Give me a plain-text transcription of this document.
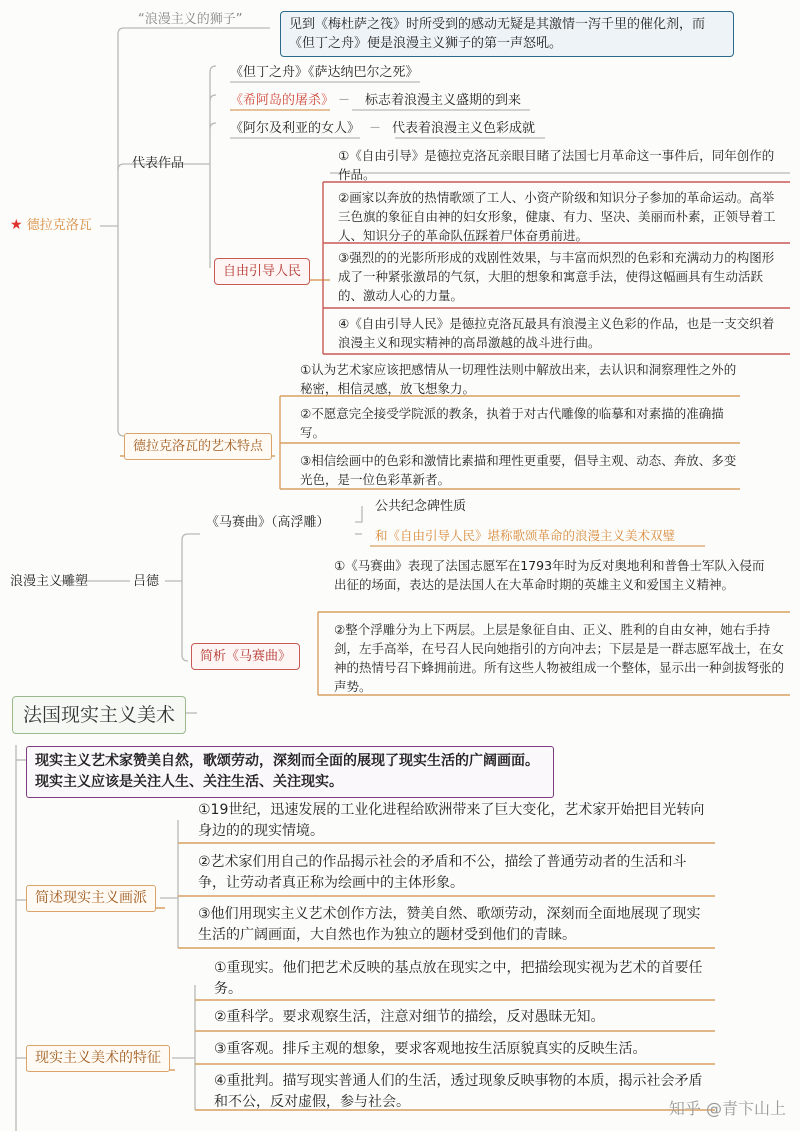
“浪漫主义的狮子”	见到《梅杜萨之筏》时所受到的感动无疑是其激情一泻千里的催化剂，而《但丁之舟》便是浪漫主义狮子的第一声怒吼。
★ 德拉克洛瓦
代表作品
《但丁之舟》《萨达纳巴尔之死》
《希阿岛的屠杀》 — 标志着浪漫主义盛期的到来
《阿尔及利亚的女人》 — 代表着浪漫主义色彩成就
自由引导人民
①《自由引导》是德拉克洛瓦亲眼目睹了法国七月革命这一事件后，同年创作的作品。
②画家以奔放的热情歌颂了工人、小资产阶级和知识分子参加的革命运动。高举三色旗的象征自由神的妇女形象，健康、有力、坚决、美丽而朴素，正领导着工人、知识分子的革命队伍踩着尸体奋勇前进。
③强烈的的光影所形成的戏剧性效果，与丰富而炽烈的色彩和充满动力的构图形成了一种紧张激昂的气氛，大胆的想象和寓意手法，使得这幅画具有生动活跃的、激动人心的力量。
④《自由引导人民》是德拉克洛瓦最具有浪漫主义色彩的作品，也是一支交织着浪漫主义和现实精神的高昂激越的战斗进行曲。
德拉克洛瓦的艺术特点
①认为艺术家应该把感情从一切理性法则中解放出来，去认识和洞察理性之外的秘密，相信灵感，放飞想象力。
②不愿意完全接受学院派的教条，执着于对古代雕像的临摹和对素描的准确描写。
③相信绘画中的色彩和激情比素描和理性更重要，倡导主观、动态、奔放、多变光色，是一位色彩革新者。
浪漫主义雕塑	吕德
《马赛曲》（高浮雕）
公共纪念碑性质
和《自由引导人民》堪称歌颂革命的浪漫主义美术双璧
简析《马赛曲》
①《马赛曲》表现了法国志愿军在1793年时为反对奥地利和普鲁士军队入侵而出征的场面，表达的是法国人在大革命时期的英雄主义和爱国主义精神。
②整个浮雕分为上下两层。上层是象征自由、正义、胜利的自由女神，她右手持剑，左手高举，在号召人民向她指引的方向冲去；下层是是一群志愿军战士，在女神的热情号召下蜂拥前进。所有这些人物被组成一个整体，显示出一种剑拔弩张的声势。
法国现实主义美术
现实主义艺术家赞美自然，歌颂劳动，深刻而全面的展现了现实生活的广阔画面。现实主义应该是关注人生、关注生活、关注现实。
简述现实主义画派
①19世纪，迅速发展的工业化进程给欧洲带来了巨大变化，艺术家开始把目光转向身边的的现实情境。
②艺术家们用自己的作品揭示社会的矛盾和不公，描绘了普通劳动者的生活和斗争，让劳动者真正称为绘画中的主体形象。
③他们用现实主义艺术创作方法，赞美自然、歌颂劳动，深刻而全面地展现了现实生活的广阔画面，大自然也作为独立的题材受到他们的青睐。
现实主义美术的特征
①重现实。他们把艺术反映的基点放在现实之中，把描绘现实视为艺术的首要任务。
②重科学。要求观察生活，注意对细节的描绘，反对愚昧无知。
③重客观。排斥主观的想象，要求客观地按生活原貌真实的反映生活。
④重批判。描写现实普通人们的生活，透过现象反映事物的本质，揭示社会矛盾和不公，反对虚假，参与社会。	知乎 @青卞山上
